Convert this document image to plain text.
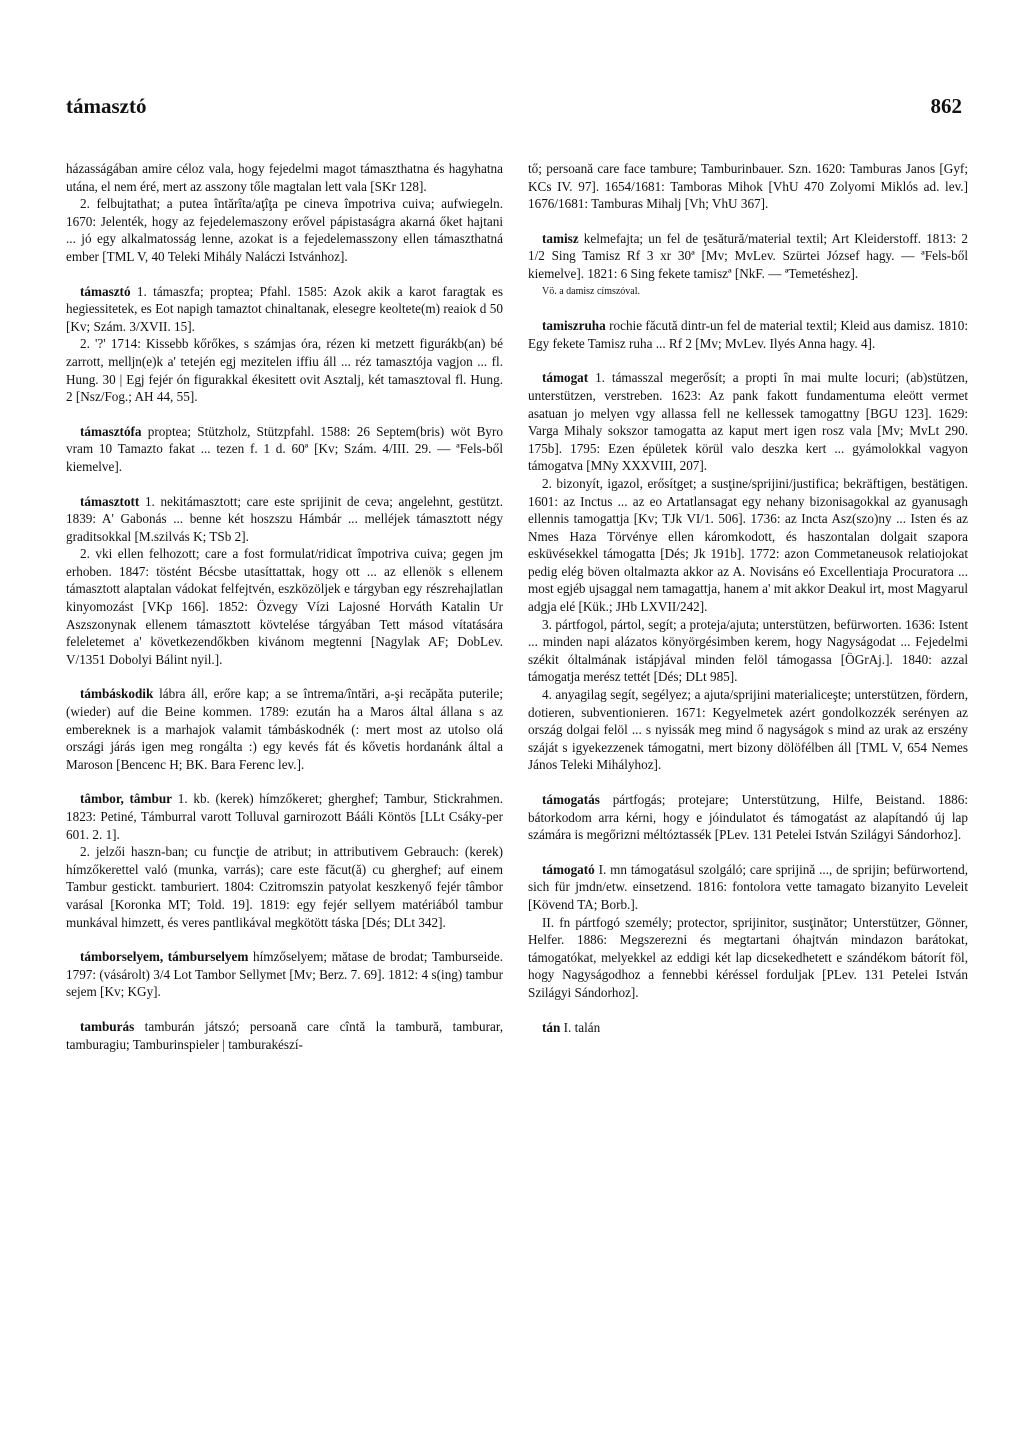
támasztó	862

házasságában amire céloz vala, hogy fejedelmi magot támaszthatna és hagyhatna utána, el nem éré, mert az asszony tőle magtalan lett vala [SKr 128].

2. felbujtathat; a putea întărîta/aţîţa pe cineva împotriva cuiva; aufwiegeln. 1670: Jelenték, hogy az fejedelemaszony erővel pápistaságra akarná őket hajtani ... jó egy alkalmatosság lenne, azokat is a fejedelemasszony ellen támaszthatná ember [TML V, 40 Teleki Mihály Naláczi Istvánhoz].

támasztó 1. támaszfa; proptea; Pfahl. 1585: Azok akik a karot faragtak es hegiessitetek, es Eot napigh tamaztot chinaltanak, elesegre keoltete(m) reaiok d 50 [Kv; Szám. 3/XVII. 15].

2. '?' 1714: Kissebb kőrőkes, s számjas óra, rézen ki metzett figurákb(an) bé zarrott, melljn(e)k a' tetején egj mezitelen iffiu áll ... réz tamasztója vagjon ... fl. Hung. 30 | Egj fejér ón figurakkal ékesitett ovit Asztalj, két tamasztoval fl. Hung. 2 [Nsz/Fog.; AH 44, 55].

támasztófa proptea; Stützholz, Stützpfahl. 1588: 26 Septem(bris) wöt Byro vram 10 Tamazto fakat ... tezen f. 1 d. 60ª [Kv; Szám. 4/III. 29. — ªFels-ből kiemelve].

támasztott 1. nekitámasztott; care este sprijinit de ceva; angelehnt, gestützt. 1839: A' Gabonás ... benne két hoszszu Hámbár ... melléjek támasztott négy graditsokkal [M.szilvás K; TSb 2].

2. vki ellen felhozott; care a fost formulat/ridicat împotriva cuiva; gegen jm erhoben. 1847: töstént Bécsbe utasíttattak, hogy ott ... az ellenök s ellenem támasztott alaptalan vádokat felfejtvén, eszközöljek e tárgyban egy részrehajlatlan kinyomozást [VKp 166]. 1852: Özvegy Vízi Lajosné Horváth Katalin Ur Aszszonynak ellenem támasztott kövtelése tárgyában Tett másod vítatására feleletemet a' következendőkben kivánom megtenni [Nagylak AF; DobLev. V/1351 Dobolyi Bálint nyil.].

támbáskodik lábra áll, erőre kap; a se întrema/întări, a-şi recăpăta puterile; (wieder) auf die Beine kommen. 1789: ezután ha a Maros által állana s az embereknek is a marhajok valamit támbáskodnék (: mert most az utolso olá országi járás igen meg rongálta :) egy kevés fát és kővetis hordanánk által a Maroson [Bencenc H; BK. Bara Ferenc lev.].

tâmbor, tâmbur 1. kb. (kerek) hímzőkeret; gherghef; Tambur, Stickrahmen. 1823: Petiné, Támburral varott Tolluval garnirozott Bááli Köntös [LLt Csáky-per 601. 2. 1].

2. jelzői haszn-ban; cu funcţie de atribut; in attributivem Gebrauch: (kerek) hímzőkerettel való (munka, varrás); care este făcut(ă) cu gherghef; auf einem Tambur gestickt. tamburiert. 1804: Czitromszin patyolat keszkenyő fejér tâmbor varásal [Koronka MT; Told. 19]. 1819: egy fejér sellyem matériából tambur munkával himzett, és veres pantlikával megkötött táska [Dés; DLt 342].

támborselyem, támburselyem hímzőselyem; mătase de brodat; Tamburseide. 1797: (vásárolt) 3/4 Lot Tambor Sellymet [Mv; Berz. 7. 69]. 1812: 4 s(ing) tambur sejem [Kv; KGy].

tamburás tamburán játszó; persoană care cîntă la tambură, tamburar, tamburagiu; Tamburinspieler | tamburakészí-

tő; persoană care face tambure; Tamburinbauer. Szn. 1620: Tamburas Janos [Gyf; KCs IV. 97]. 1654/1681: Tamboras Mihok [VhU 470 Zolyomi Miklós ad. lev.] 1676/1681: Tamburas Mihalj [Vh; VhU 367].

tamisz kelmefajta; un fel de ţesătură/material textil; Art Kleiderstoff. 1813: 2 1/2 Sing Tamisz Rf 3 xr 30ª [Mv; MvLev. Szürtei József hagy. — ªFels-ből kiemelve]. 1821: 6 Sing fekete tamiszª [NkF. — ªTemetéshez].

Vö. a damisz címszóval.

tamiszruha rochie făcută dintr-un fel de material textil; Kleid aus damisz. 1810: Egy fekete Tamisz ruha ... Rf 2 [Mv; MvLev. Ilyés Anna hagy. 4].

támogat 1. támasszal megerősít; a propti în mai multe locuri; (ab)stützen, unterstützen, verstreben. 1623: Az pank fakott fundamentuma eleött vermet asatuan jo melyen vgy allassa fell ne kellessek tamogattny [BGU 123]. 1629: Varga Mihaly sokszor tamogatta az kaput mert igen rosz vala [Mv; MvLt 290. 175b]. 1795: Ezen épületek körül valo deszka kert ... gyámolokkal vagyon támogatva [MNy XXXVIII, 207].

2. bizonyít, igazol, erősítget; a susţine/sprijini/justifica; bekräftigen, bestätigen. 1601: az Inctus ... az eo Artatlansagat egy nehany bizonisagokkal az gyanusagh ellennis tamogattja [Kv; TJk VI/1. 506]. 1736: az Incta Asz(szo)ny ... Isten és az Nmes Haza Törvénye ellen káromkodott, és haszontalan dolgait szapora esküvésekkel támogatta [Dés; Jk 191b]. 1772: azon Commetaneusok relatiojokat pedig elég böven oltalmazta akkor az A. Novisáns eó Excellentiaja Procuratora ... most egjéb ujsaggal nem tamagattja, hanem a' mit akkor Deakul irt, most Magyarul adgja elé [Kük.; JHb LXVII/242].

3. pártfogol, pártol, segít; a proteja/ajuta; unterstützen, befürworten. 1636: Istent ... minden napi alázatos könyörgésimben kerem, hogy Nagyságodat ... Fejedelmi székit óltalmának istápjával minden felöl támogassa [ÖGrAj.]. 1840: azzal támogatja merész tettét [Dés; DLt 985].

4. anyagilag segít, segélyez; a ajuta/sprijini materialiceşte; unterstützen, fördern, dotieren, subventionieren. 1671: Kegyelmetek azért gondolkozzék serényen az ország dolgai felöl ... s nyissák meg mind ő nagyságok s mind az urak az erszény száját s igyekezzenek támogatni, mert bizony dölöfélben áll [TML V, 654 Nemes János Teleki Mihályhoz].

támogatás pártfogás; protejare; Unterstützung, Hilfe, Beistand. 1886: bátorkodom arra kérni, hogy e jóindulatot és támogatást az alapítandó új lap számára is megőrizni méltóztassék [PLev. 131 Petelei István Szilágyi Sándorhoz].

támogató I. mn támogatásul szolgáló; care sprijină ..., de sprijin; befürwortend, sich für jmdn/etw. einsetzend. 1816: fontolora vette tamagato bizanyito Leveleit [Kövend TA; Borb.].

II. fn pártfogó személy; protector, sprijinitor, susţinător; Unterstützer, Gönner, Helfer. 1886: Megszerezni és megtartani óhajtván mindazon barátokat, támogatókat, melyekkel az eddigi két lap dicsekedhetett e szándékom bátorít föl, hogy Nagyságodhoz a fennebbi kéréssel forduljak [PLev. 131 Petelei István Szilágyi Sándorhoz].

tán I. talán
